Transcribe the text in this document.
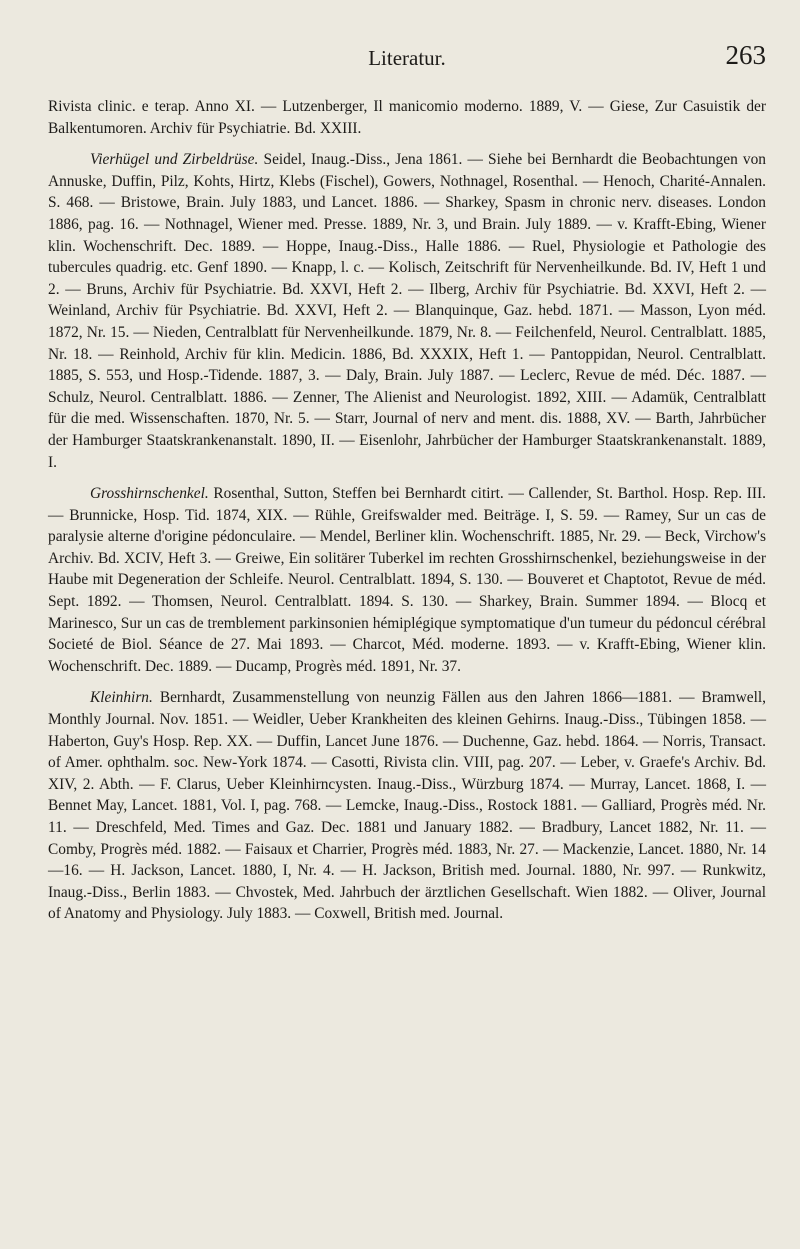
Literatur.	263

Rivista clinic. e terap. Anno XI. — Lutzenberger, Il manicomio moderno. 1889, V. — Giese, Zur Casuistik der Balkentumoren. Archiv für Psychiatrie. Bd. XXIII.

Vierhügel und Zirbeldrüse. Seidel, Inaug.-Diss., Jena 1861. — Siehe bei Bernhardt die Beobachtungen von Annuske, Duffin, Pilz, Kohts, Hirtz, Klebs (Fischel), Gowers, Nothnagel, Rosenthal. — Henoch, Charité-Annalen. S. 468. — Bristowe, Brain. July 1883, und Lancet. 1886. — Sharkey, Spasm in chronic nerv. diseases. London 1886, pag. 16. — Nothnagel, Wiener med. Presse. 1889, Nr. 3, und Brain. July 1889. — v. Krafft-Ebing, Wiener klin. Wochenschrift. Dec. 1889. — Hoppe, Inaug.-Diss., Halle 1886. — Ruel, Physiologie et Pathologie des tubercules quadrig. etc. Genf 1890. — Knapp, l. c. — Kolisch, Zeitschrift für Nervenheilkunde. Bd. IV, Heft 1 und 2. — Bruns, Archiv für Psychiatrie. Bd. XXVI, Heft 2. — Ilberg, Archiv für Psychiatrie. Bd. XXVI, Heft 2. — Weinland, Archiv für Psychiatrie. Bd. XXVI, Heft 2. — Blanquinque, Gaz. hebd. 1871. — Masson, Lyon méd. 1872, Nr. 15. — Nieden, Centralblatt für Nervenheilkunde. 1879, Nr. 8. — Feilchenfeld, Neurol. Centralblatt. 1885, Nr. 18. — Reinhold, Archiv für klin. Medicin. 1886, Bd. XXXIX, Heft 1. — Pantoppidan, Neurol. Centralblatt. 1885, S. 553, und Hosp.-Tidende. 1887, 3. — Daly, Brain. July 1887. — Leclerc, Revue de méd. Déc. 1887. — Schulz, Neurol. Centralblatt. 1886. — Zenner, The Alienist and Neurologist. 1892, XIII. — Adamük, Centralblatt für die med. Wissenschaften. 1870, Nr. 5. — Starr, Journal of nerv and ment. dis. 1888, XV. — Barth, Jahrbücher der Hamburger Staatskrankenanstalt. 1890, II. — Eisenlohr, Jahrbücher der Hamburger Staatskrankenanstalt. 1889, I.

Grosshirnschenkel. Rosenthal, Sutton, Steffen bei Bernhardt citirt. — Callender, St. Barthol. Hosp. Rep. III. — Brunnicke, Hosp. Tid. 1874, XIX. — Rühle, Greifswalder med. Beiträge. I, S. 59. — Ramey, Sur un cas de paralysie alterne d'origine pédonculaire. — Mendel, Berliner klin. Wochenschrift. 1885, Nr. 29. — Beck, Virchow's Archiv. Bd. XCIV, Heft 3. — Greiwe, Ein solitärer Tuberkel im rechten Grosshirnschenkel, beziehungsweise in der Haube mit Degeneration der Schleife. Neurol. Centralblatt. 1894, S. 130. — Bouveret et Chaptotot, Revue de méd. Sept. 1892. — Thomsen, Neurol. Centralblatt. 1894. S. 130. — Sharkey, Brain. Summer 1894. — Blocq et Marinesco, Sur un cas de tremblement parkinsonien hémiplégique symptomatique d'un tumeur du pédoncul cérébral Societé de Biol. Séance de 27. Mai 1893. — Charcot, Méd. moderne. 1893. — v. Krafft-Ebing, Wiener klin. Wochenschrift. Dec. 1889. — Ducamp, Progrès méd. 1891, Nr. 37.

Kleinhirn. Bernhardt, Zusammenstellung von neunzig Fällen aus den Jahren 1866—1881. — Bramwell, Monthly Journal. Nov. 1851. — Weidler, Ueber Krankheiten des kleinen Gehirns. Inaug.-Diss., Tübingen 1858. — Haberton, Guy's Hosp. Rep. XX. — Duffin, Lancet June 1876. — Duchenne, Gaz. hebd. 1864. — Norris, Transact. of Amer. ophthalm. soc. New-York 1874. — Casotti, Rivista clin. VIII, pag. 207. — Leber, v. Graefe's Archiv. Bd. XIV, 2. Abth. — F. Clarus, Ueber Kleinhirncysten. Inaug.-Diss., Würzburg 1874. — Murray, Lancet. 1868, I. — Bennet May, Lancet. 1881, Vol. I, pag. 768. — Lemcke, Inaug.-Diss., Rostock 1881. — Galliard, Progrès méd. Nr. 11. — Dreschfeld, Med. Times and Gaz. Dec. 1881 und January 1882. — Bradbury, Lancet 1882, Nr. 11. — Comby, Progrès méd. 1882. — Faisaux et Charrier, Progrès méd. 1883, Nr. 27. — Mackenzie, Lancet. 1880, Nr. 14—16. — H. Jackson, Lancet. 1880, I, Nr. 4. — H. Jackson, British med. Journal. 1880, Nr. 997. — Runkwitz, Inaug.-Diss., Berlin 1883. — Chvostek, Med. Jahrbuch der ärztlichen Gesellschaft. Wien 1882. — Oliver, Journal of Anatomy and Physiology. July 1883. — Coxwell, British med. Journal.
